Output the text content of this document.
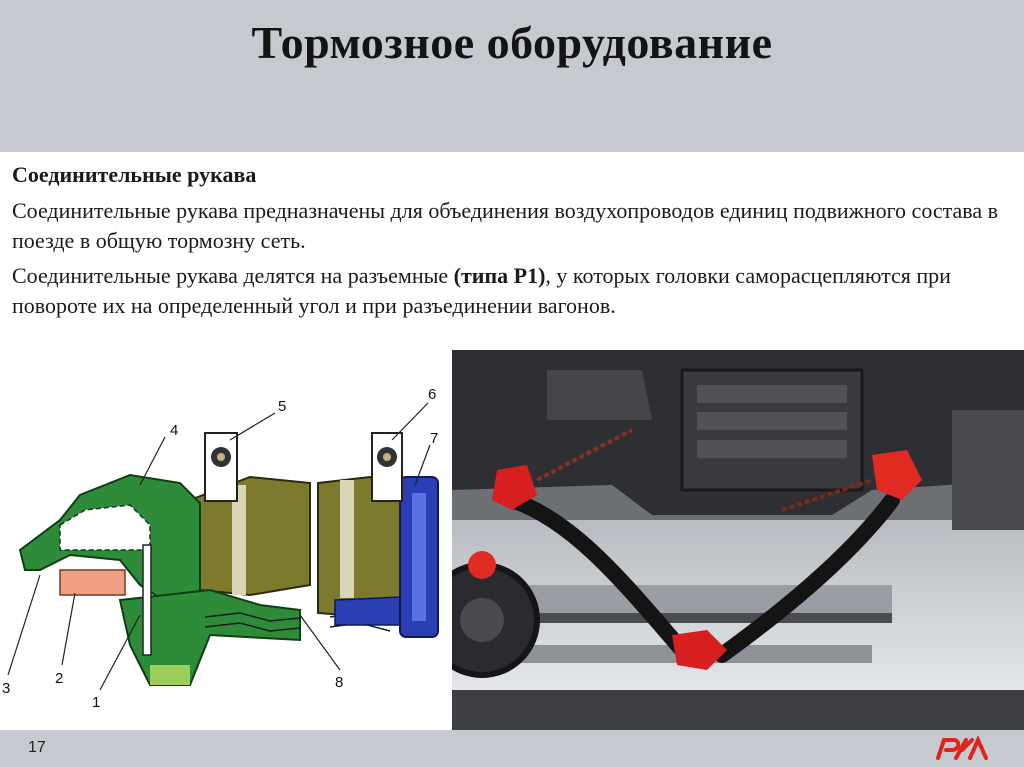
Тормозное оборудование

Соединительные рукава

Соединительные рукава предназначены для объединения воздухопроводов единиц подвижного состава в поезде в общую тормозну сеть.

Соединительные рукава делятся на разъемные (типа Р1), у которых головки саморасцепляются при повороте их на определенный угол и при разъединении вагонов.

4
5
6
7
8
1
2
3
17
